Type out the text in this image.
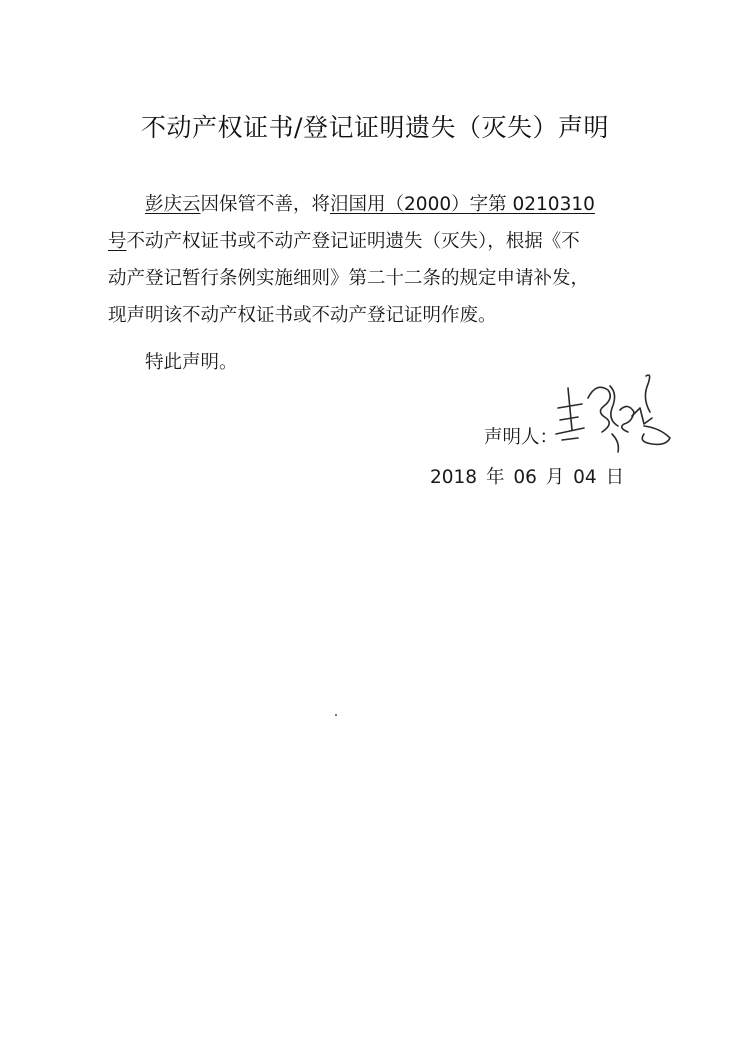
不动产权证书/登记证明遗失（灭失）声明
彭庆云因保管不善，将汨国用（2000）字第 0210310
号不动产权证书或不动产登记证明遗失（灭失），根据《不
动产登记暂行条例实施细则》第二十二条的规定申请补发，
现声明该不动产权证书或不动产登记证明作废。
特此声明。
声明人：
2018 年 06 月 04 日
